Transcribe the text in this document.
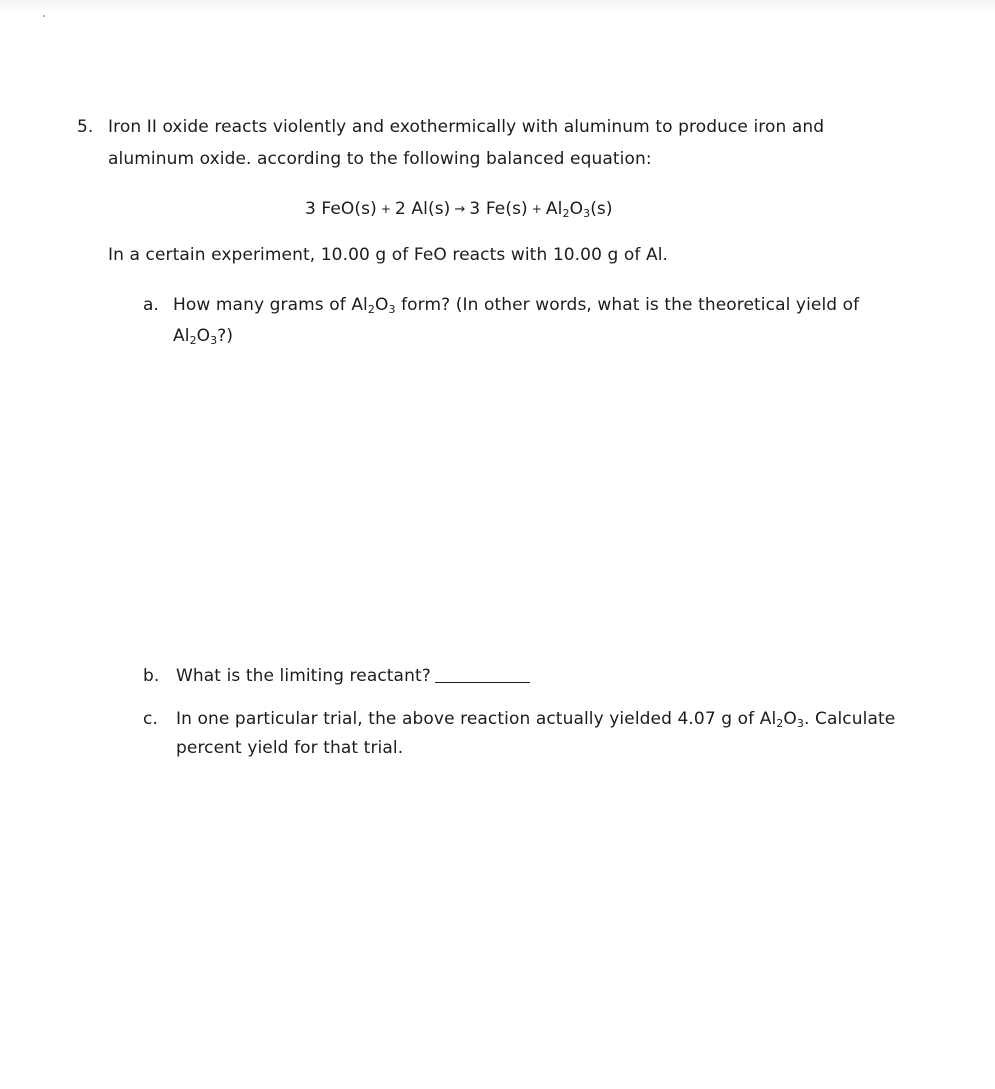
5. Iron II oxide reacts violently and exothermically with aluminum to produce iron and
aluminum oxide. according to the following balanced equation:
3 FeO(s) + 2 Al(s) → 3 $Fe(s) + Al_2O_3(s)$
In a certain experiment, 10.00 g of FeO reacts with 10.00 g of Al.
a. How many grams of $Al_2O_3$ form? (In other words, what is the theoretical yield of
$Al_2O_3$?)
b. What is the limiting reactant?
c. In one particular trial, the above reaction actually yielded 4.07 g of $Al_2O_3$. Calculate
percent yield for that trial.
